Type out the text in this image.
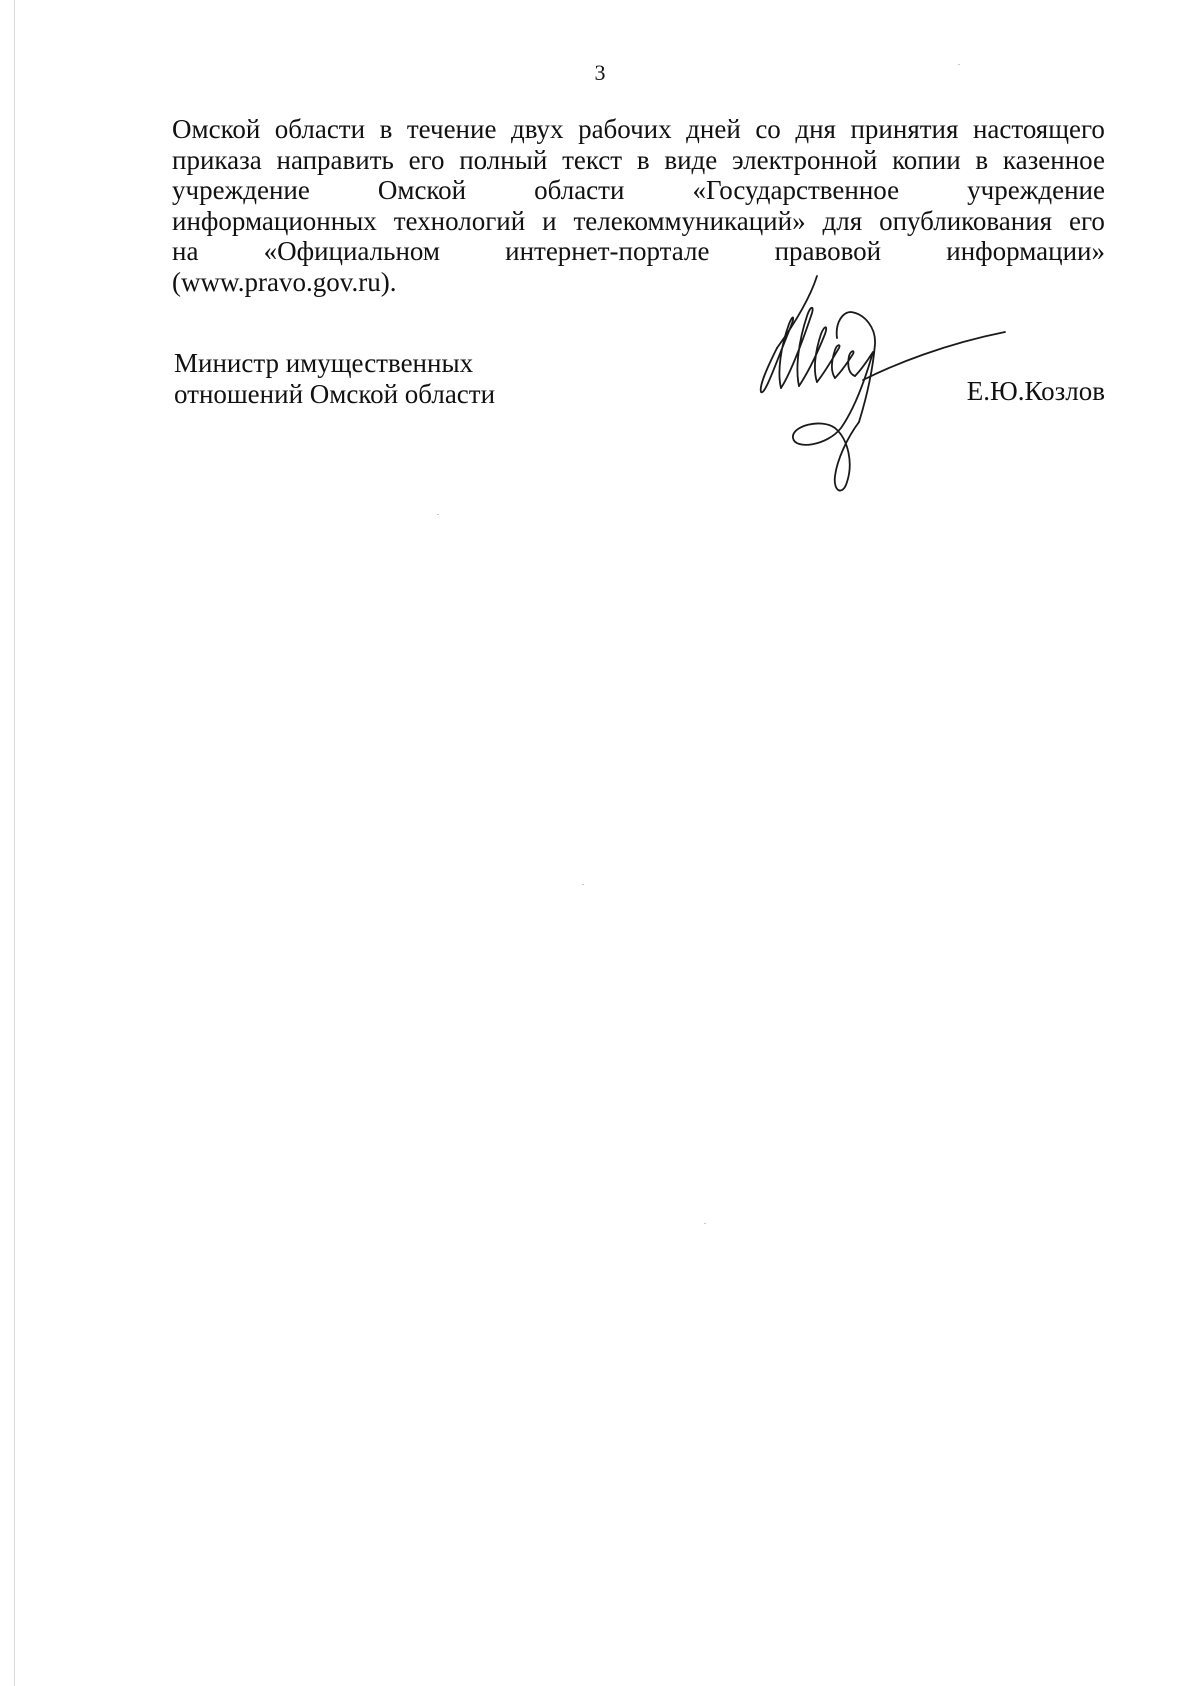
3
Омской области в течение двух рабочих дней со дня принятия настоящего
приказа направить его полный текст в виде электронной копии в казенное
учреждение	Омской	области	«Государственное	учреждение
информационных технологий и телекоммуникаций» для опубликования его
на «Официальном интернет-портале правовой информации»
(www.pravo.gov.ru).
Министр имущественных
отношений Омской области	Е.Ю.Козлов
